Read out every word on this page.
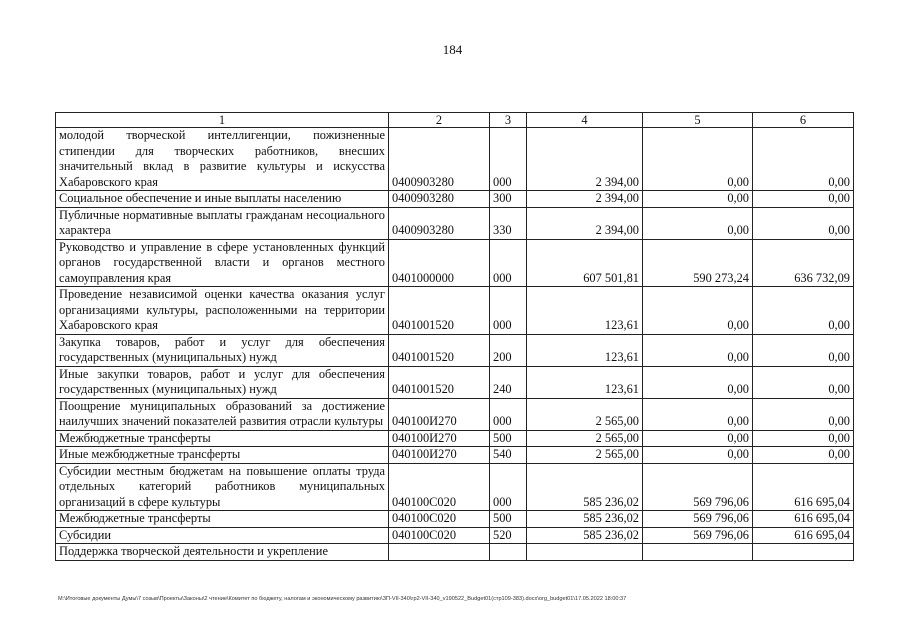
184
1	2	3	4	5	6
молодой творческой интеллигенции, пожизненные стипендии для творческих работников, внесших значительный вклад в развитие культуры и искусства Хабаровского края	0400903280	000	2 394,00	0,00	0,00
Социальное обеспечение и иные выплаты населению	0400903280	300	2 394,00	0,00	0,00
Публичные нормативные выплаты гражданам несоциального характера	0400903280	330	2 394,00	0,00	0,00
Руководство и управление в сфере установленных функций органов государственной власти и органов местного самоуправления края	0401000000	000	607 501,81	590 273,24	636 732,09
Проведение независимой оценки качества оказания услуг организациями культуры, расположенными на территории Хабаровского края	0401001520	000	123,61	0,00	0,00
Закупка товаров, работ и услуг для обеспечения государственных (муниципальных) нужд	0401001520	200	123,61	0,00	0,00
Иные закупки товаров, работ и услуг для обеспечения государственных (муниципальных) нужд	0401001520	240	123,61	0,00	0,00
Поощрение муниципальных образований за достижение наилучших значений показателей развития отрасли культуры	040100И270	000	2 565,00	0,00	0,00
Межбюджетные трансферты	040100И270	500	2 565,00	0,00	0,00
Иные межбюджетные трансферты	040100И270	540	2 565,00	0,00	0,00
Субсидии местным бюджетам на повышение оплаты труда отдельных категорий работников муниципальных организаций в сфере культуры	040100С020	000	585 236,02	569 796,06	616 695,04
Межбюджетные трансферты	040100С020	500	585 236,02	569 796,06	616 695,04
Субсидии	040100С020	520	585 236,02	569 796,06	616 695,04
Поддержка творческой деятельности и укрепление					
M:\Итоговые документы Думы\7 созыв\Проекты\Законы\2 чтение\Комитет по бюджету, налогам и экономическому развитию\ЗП-VII-340\гр2-VII-340_v190522_Budget01(стр109-383).docx\org_budget01\17.05.2022 18:00:37
